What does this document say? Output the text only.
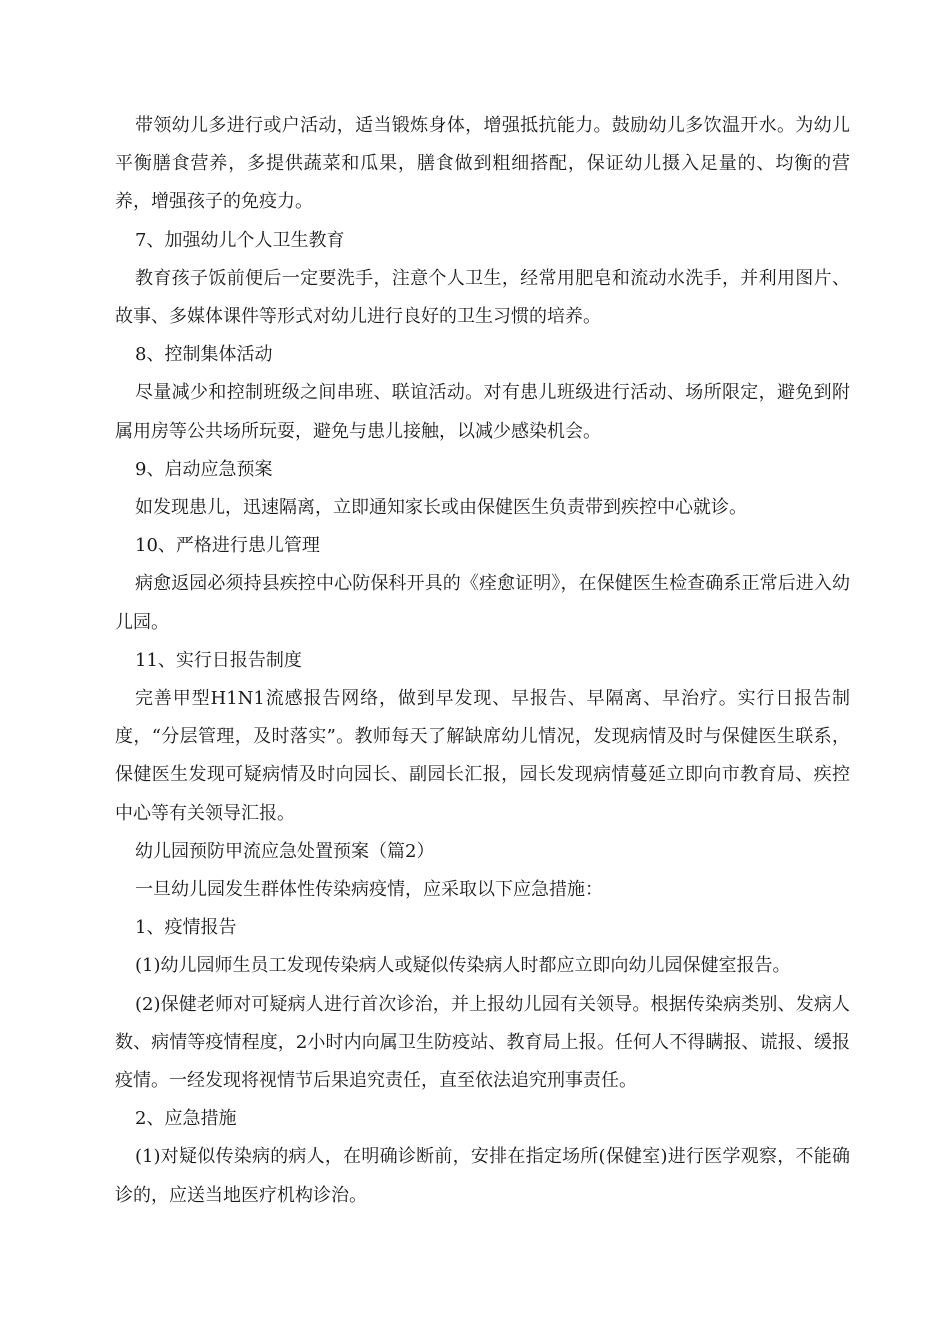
带领幼儿多进行或户活动，适当锻炼身体，增强抵抗能力。鼓励幼儿多饮温开水。为幼儿平衡膳食营养，多提供蔬菜和瓜果，膳食做到粗细搭配，保证幼儿摄入足量的、均衡的营养，增强孩子的免疫力。

7、加强幼儿个人卫生教育

教育孩子饭前便后一定要洗手，注意个人卫生，经常用肥皂和流动水洗手，并利用图片、故事、多媒体课件等形式对幼儿进行良好的卫生习惯的培养。

8、控制集体活动

尽量减少和控制班级之间串班、联谊活动。对有患儿班级进行活动、场所限定，避免到附属用房等公共场所玩耍，避免与患儿接触，以减少感染机会。

9、启动应急预案

如发现患儿，迅速隔离，立即通知家长或由保健医生负责带到疾控中心就诊。

10、严格进行患儿管理

病愈返园必须持县疾控中心防保科开具的《痊愈证明》，在保健医生检查确系正常后进入幼儿园。

11、实行日报告制度

完善甲型H1N1流感报告网络，做到早发现、早报告、早隔离、早治疗。实行日报告制度，“分层管理，及时落实”。教师每天了解缺席幼儿情况，发现病情及时与保健医生联系，保健医生发现可疑病情及时向园长、副园长汇报，园长发现病情蔓延立即向市教育局、疾控中心等有关领导汇报。

幼儿园预防甲流应急处置预案（篇2）

一旦幼儿园发生群体性传染病疫情，应采取以下应急措施：

1、疫情报告

(1)幼儿园师生员工发现传染病人或疑似传染病人时都应立即向幼儿园保健室报告。

(2)保健老师对可疑病人进行首次诊治，并上报幼儿园有关领导。根据传染病类别、发病人数、病情等疫情程度，2小时内向属卫生防疫站、教育局上报。任何人不得瞒报、谎报、缓报疫情。一经发现将视情节后果追究责任，直至依法追究刑事责任。

2、应急措施

(1)对疑似传染病的病人，在明确诊断前，安排在指定场所(保健室)进行医学观察，不能确诊的，应送当地医疗机构诊治。
